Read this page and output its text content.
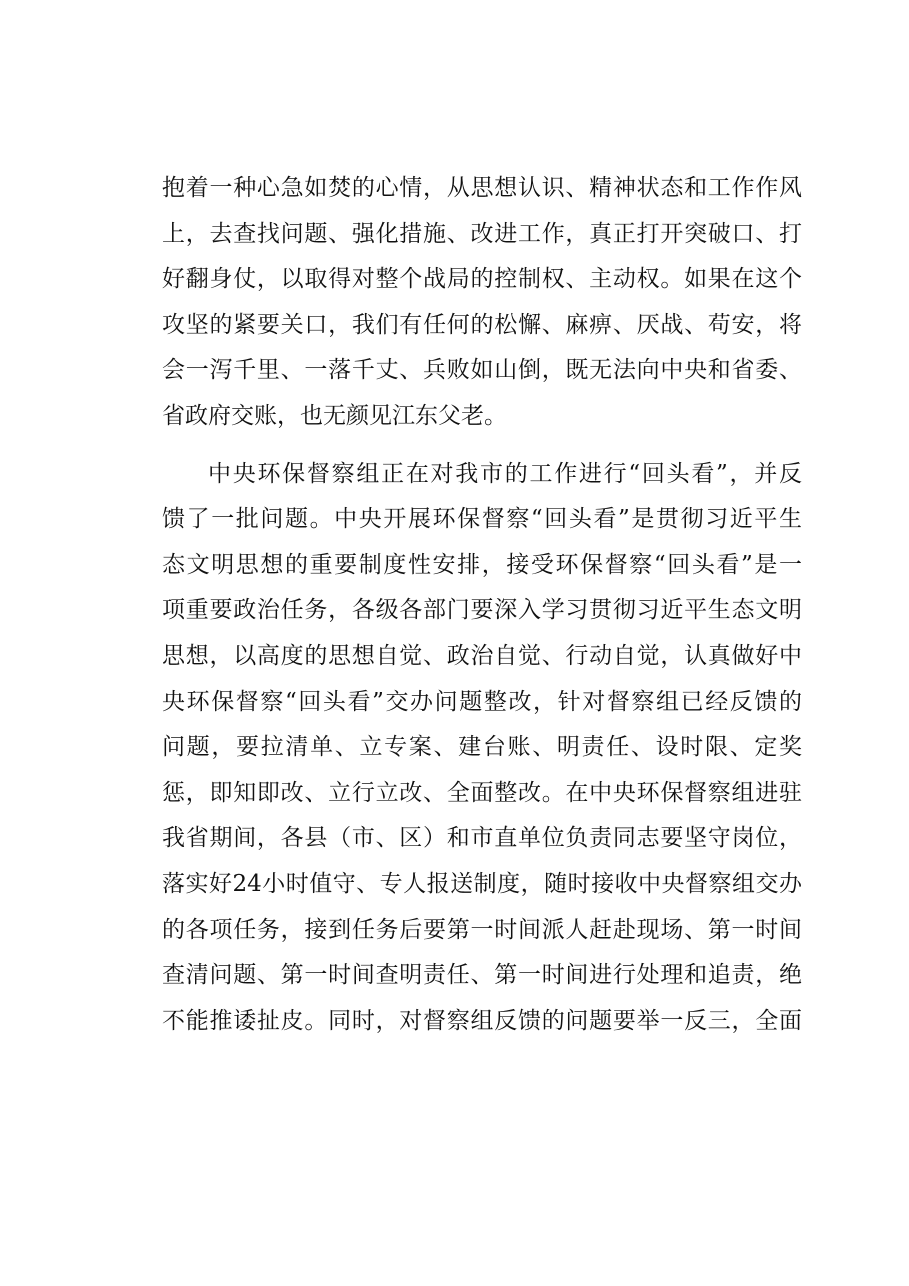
抱着一种心急如焚的心情，从思想认识、精神状态和工作作风
上，去查找问题、强化措施、改进工作，真正打开突破口、打
好翻身仗，以取得对整个战局的控制权、主动权。如果在这个
攻坚的紧要关口，我们有任何的松懈、麻痹、厌战、苟安，将
会一泻千里、一落千丈、兵败如山倒，既无法向中央和省委、
省政府交账，也无颜见江东父老。
中央环保督察组正在对我市的工作进行“回头看”，并反
馈了一批问题。中央开展环保督察“回头看”是贯彻习近平生
态文明思想的重要制度性安排，接受环保督察“回头看”是一
项重要政治任务，各级各部门要深入学习贯彻习近平生态文明
思想，以高度的思想自觉、政治自觉、行动自觉，认真做好中
央环保督察“回头看”交办问题整改，针对督察组已经反馈的
问题，要拉清单、立专案、建台账、明责任、设时限、定奖
惩，即知即改、立行立改、全面整改。在中央环保督察组进驻
我省期间，各县（市、区）和市直单位负责同志要坚守岗位，
落实好24小时值守、专人报送制度，随时接收中央督察组交办
的各项任务，接到任务后要第一时间派人赶赴现场、第一时间
查清问题、第一时间查明责任、第一时间进行处理和追责，绝
不能推诿扯皮。同时，对督察组反馈的问题要举一反三，全面
